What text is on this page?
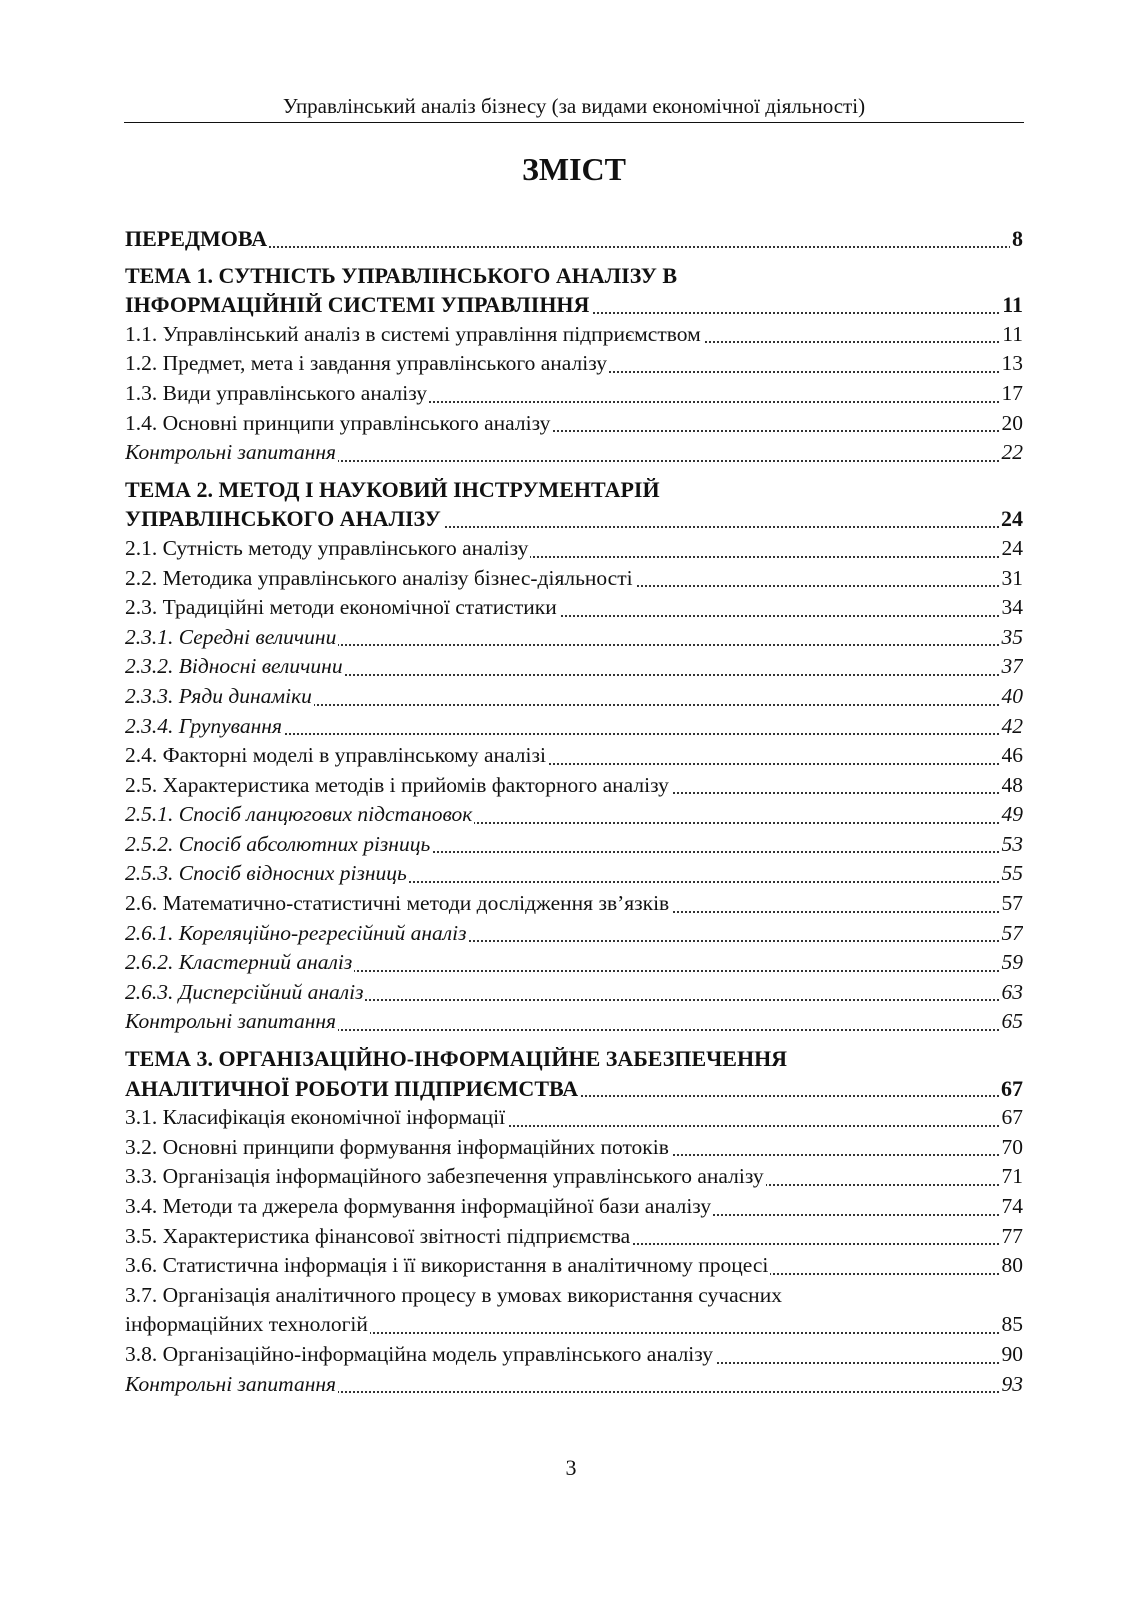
Управлінський аналіз бізнесу (за видами економічної діяльності)
ЗМІСТ
ПЕРЕДМОВА	8
ТЕМА 1. СУТНІСТЬ УПРАВЛІНСЬКОГО АНАЛІЗУ В
ІНФОРМАЦІЙНІЙ СИСТЕМІ УПРАВЛІННЯ	11
1.1. Управлінський аналіз в системі управління підприємством	11
1.2. Предмет, мета і завдання управлінського аналізу	13
1.3. Види управлінського аналізу	17
1.4. Основні принципи управлінського аналізу	20
Контрольні запитання	22
ТЕМА 2. МЕТОД І НАУКОВИЙ ІНСТРУМЕНТАРІЙ
УПРАВЛІНСЬКОГО АНАЛІЗУ	24
2.1. Сутність методу управлінського аналізу	24
2.2. Методика управлінського аналізу бізнес-діяльності	31
2.3. Традиційні методи економічної статистики	34
2.3.1. Середні величини	35
2.3.2. Відносні величини	37
2.3.3. Ряди динаміки	40
2.3.4. Групування	42
2.4. Факторні моделі в управлінському аналізі	46
2.5. Характеристика методів і прийомів факторного аналізу	48
2.5.1. Спосіб ланцюгових підстановок	49
2.5.2. Спосіб абсолютних різниць	53
2.5.3. Спосіб відносних різниць	55
2.6. Математично-статистичні методи дослідження зв’язків	57
2.6.1. Кореляційно-регресійний аналіз	57
2.6.2. Кластерний аналіз	59
2.6.3. Дисперсійний аналіз	63
Контрольні запитання	65
ТЕМА 3. ОРГАНІЗАЦІЙНО-ІНФОРМАЦІЙНЕ ЗАБЕЗПЕЧЕННЯ
АНАЛІТИЧНОЇ РОБОТИ ПІДПРИЄМСТВА	67
3.1. Класифікація економічної інформації	67
3.2. Основні принципи формування інформаційних потоків	70
3.3. Організація інформаційного забезпечення управлінського аналізу	71
3.4. Методи та джерела формування інформаційної бази аналізу	74
3.5. Характеристика фінансової звітності підприємства	77
3.6. Статистична інформація і її використання в аналітичному процесі	80
3.7. Організація аналітичного процесу в умовах використання сучасних
інформаційних технологій	85
3.8. Організаційно-інформаційна модель управлінського аналізу	90
Контрольні запитання	93
3
